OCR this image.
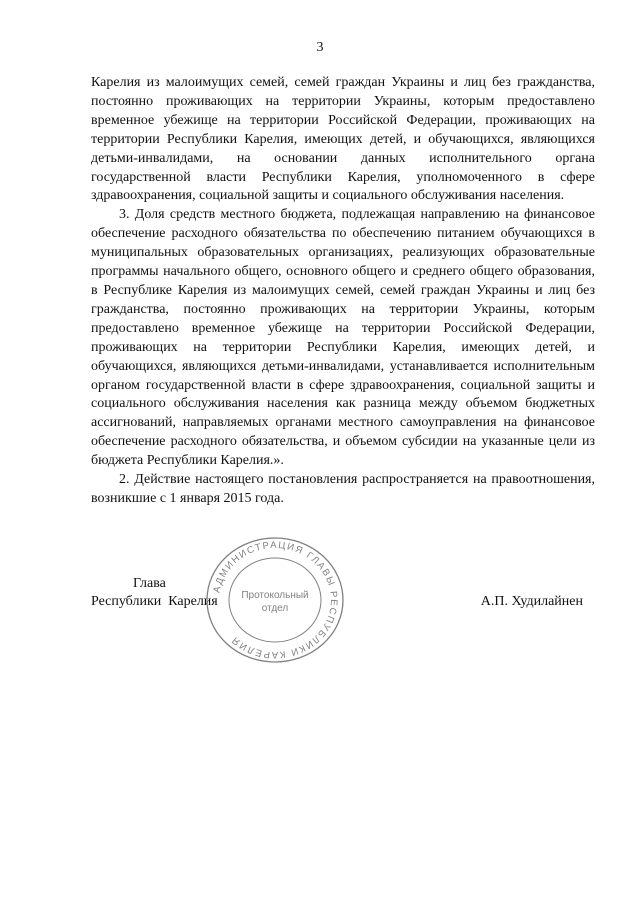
3

Карелия из малоимущих семей, семей граждан Украины и лиц без гражданства, постоянно проживающих на территории Украины, которым предоставлено временное убежище на территории Российской Федерации, проживающих на территории Республики Карелия, имеющих детей, и обучающихся, являющихся детьми-инвалидами, на основании данных исполнительного органа государственной власти Республики Карелия, уполномоченного в сфере здравоохранения, социальной защиты и социального обслуживания населения.

3. Доля средств местного бюджета, подлежащая направлению на финансовое обеспечение расходного обязательства по обеспечению питанием обучающихся в муниципальных образовательных организациях, реализующих образовательные программы начального общего, основного общего и среднего общего образования, в Республике Карелия из малоимущих семей, семей граждан Украины и лиц без гражданства, постоянно проживающих на территории Украины, которым предоставлено временное убежище на территории Российской Федерации, проживающих на территории Республики Карелия, имеющих детей, и обучающихся, являющихся детьми-инвалидами, устанавливается исполнительным органом государственной власти в сфере здравоохранения, социальной защиты и социального обслуживания населения как разница между объемом бюджетных ассигнований, направляемых органами местного самоуправления на финансовое обеспечение расходного обязательства, и объемом субсидии на указанные цели из бюджета Республики Карелия.».

2. Действие настоящего постановления распространяется на правоотношения, возникшие с 1 января 2015 года.

Глава
Республики  Карелия	А.П. Худилайнен
АДМИНИСТРАЦИЯ ГЛАВЫ РЕСПУБЛИКИ КАРЕЛИЯ
Протокольный
отдел
